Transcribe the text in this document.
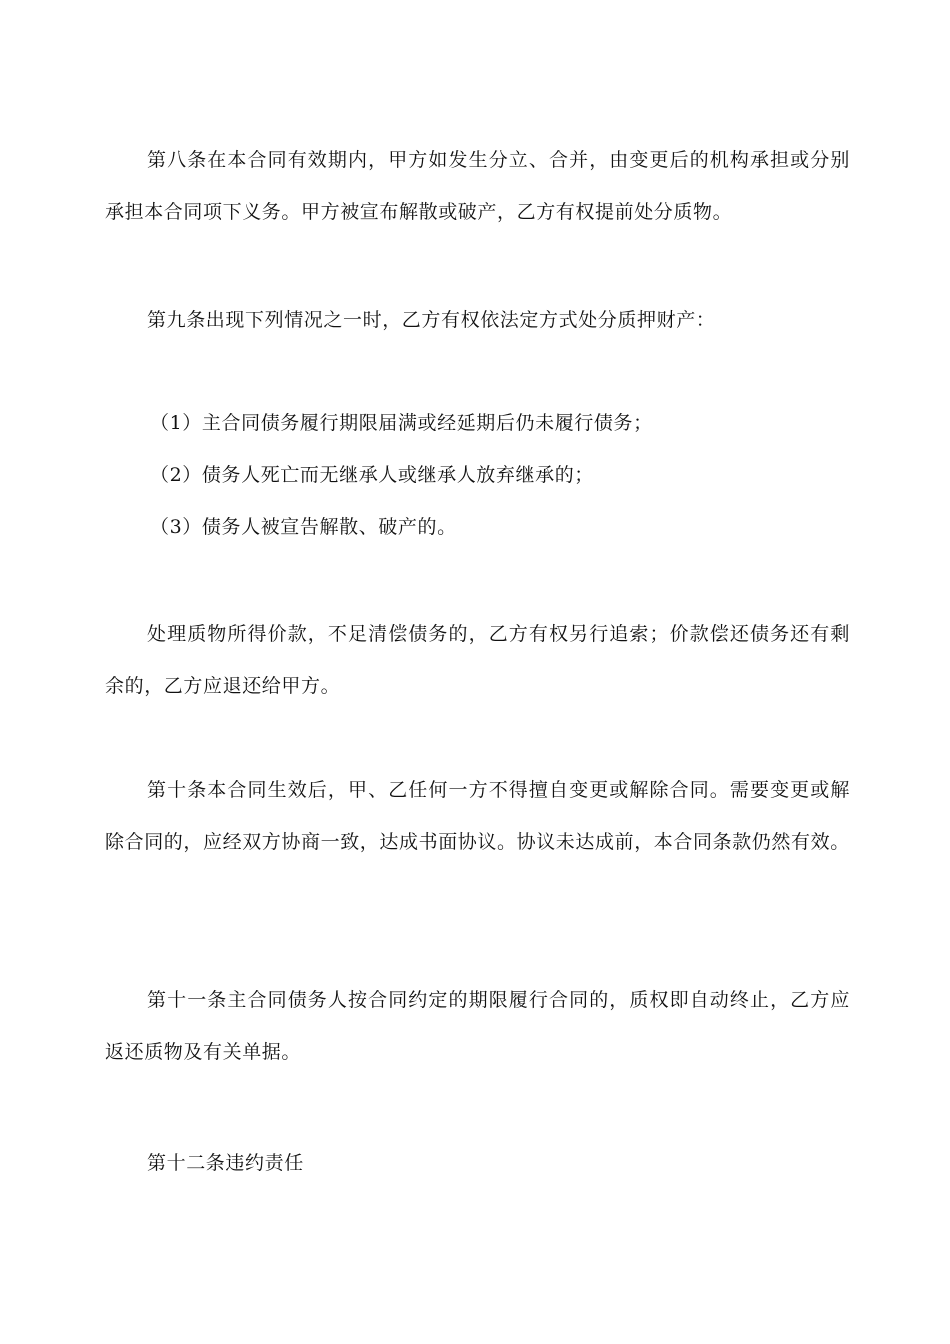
第八条在本合同有效期内，甲方如发生分立、合并，由变更后的机构承担或分别承担本合同项下义务。甲方被宣布解散或破产，乙方有权提前处分质物。

第九条出现下列情况之一时，乙方有权依法定方式处分质押财产：

（1）主合同债务履行期限届满或经延期后仍未履行债务；

（2）债务人死亡而无继承人或继承人放弃继承的；

（3）债务人被宣告解散、破产的。

处理质物所得价款，不足清偿债务的，乙方有权另行追索；价款偿还债务还有剩余的，乙方应退还给甲方。

第十条本合同生效后，甲、乙任何一方不得擅自变更或解除合同。需要变更或解除合同的，应经双方协商一致，达成书面协议。协议未达成前，本合同条款仍然有效。

第十一条主合同债务人按合同约定的期限履行合同的，质权即自动终止，乙方应返还质物及有关单据。

第十二条违约责任
